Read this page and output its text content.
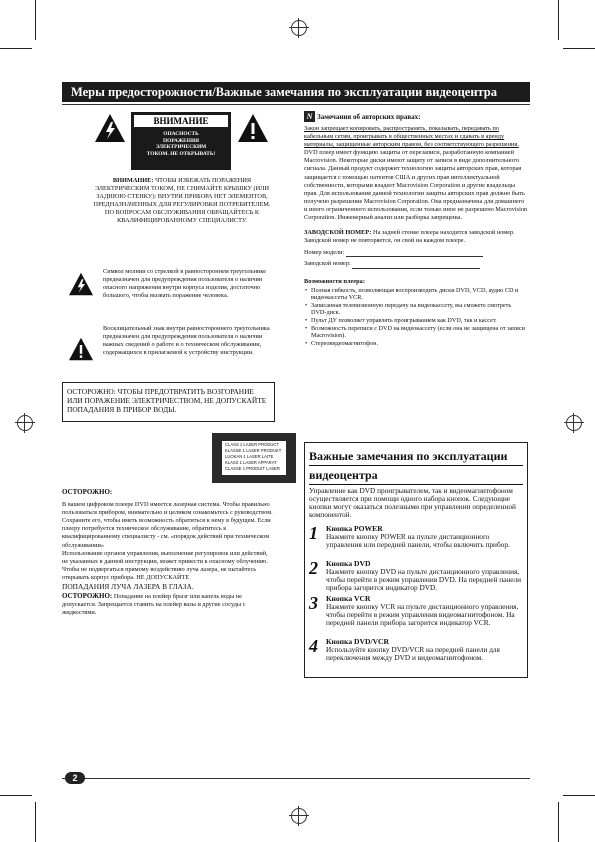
Меры предосторожности/Важные замечания по эксплуатации видеоцентра
ВНИМАНИЕ
ОПАСНОСТЬ ПОРАЖЕНИЯ ЭЛЕКТРИЧЕСКИМ ТОКОМ. НЕ ОТКРЫВАТЬ!

ВНИМАНИЕ: ЧТОБЫ ИЗБЕЖАТЬ ПОРАЖЕНИЯ ЭЛЕКТРИЧЕСКИМ ТОКОМ, НЕ СНИМАЙТЕ КРЫШКУ (ИЛИ ЗАДНЮЮ СТЕНКУ): ВНУТРИ ПРИБОРА НЕТ ЭЛЕМЕНТОВ, ПРЕДНАЗНАЧЕННЫХ ДЛЯ РЕГУЛИРОВКИ ПОТРЕБИТЕЛЕМ. ПО ВОПРОСАМ ОБСЛУЖИВАНИЯ ОБРАЩАЙТЕСЬ К КВАЛИФИЦИРОВАННОМУ СПЕЦИАЛИСТУ.

Символ молнии со стрелкой в равностороннем треугольнике предназначен для предупреждения пользователя о наличии опасного напряжения внутри корпуса изделия, достаточно большого, чтобы вызвать поражение человека.

Восклицательный знак внутри равностороннего треугольника предназначен для предупреждения пользователя о наличии важных сведений о работе и о техническом обслуживании, содержащихся в прилагаемой к устройству инструкции.

ОСТОРОЖНО: ЧТОБЫ ПРЕДОТВРАТИТЬ ВОЗГОРАНИЕ ИЛИ ПОРАЖЕНИЕ ЭЛЕКТРИЧЕСТВОМ, НЕ ДОПУСКАЙТЕ ПОПАДАНИЯ В ПРИБОР ВОДЫ.

CLASS 1 LASER PRODUCT

KLASSE 1 LASER PRODUKT

LUOKAN 1 LASER LAITE

KLASS 1 LASER APPARAT

CLASSE 1 PRODUIT LASER

ОСТОРОЖНО:

В вашем цифровом плеере DVD имеется лазерная система. Чтобы правильно пользоваться прибором, внимательно и целиком ознакомьтесь с руководством. Сохраните его, чтобы иметь возможность обратиться к нему в будущем. Если плееру потребуется техническое обслуживание, обратитесь к квалифицированному специалисту - см. «порядок действий при техническом обслуживании»

Использование органов управления, выполнение регулировок или действий, не указанных в данной инструкции, может привести к опасному облучению.

Чтобы не подвергаться прямому воздействию луча лазера, не пытайтесь открывать корпус прибора. НЕ ДОПУСКАЙТЕ

ПОПАДАНИЯ ЛУЧА ЛАЗЕРА В ГЛАЗА.

ОСТОРОЖНО: Попадание на плейер брызг или капель воды не допускается. Запрещается ставить на плейер вазы и другие сосуды с жидкостями.

N Замечания об авторских правах:

Закон запрещает копировать, распространять, показывать, передавать по кабельным сетям, проигрывать в общественных местах и сдавать в аренду материалы, защищенные авторским правом, без соответствующего разрешения.

DVD плеер имеет функцию защиты от перезаписи, разработанную компанией Macrovision. Некоторые диски имеют защиту от записи в виде дополнительного сигнала. Данный продукт содержит технологию защиты авторских прав, которая защищается с помощью патентов США и других прав интеллектуальной собственности, которыми владеет Macrovision Corporation и другие владельцы прав. Для использования данной технологии защиты авторских прав должно быть получено разрешение Macrovision Corporation. Она предназначена для домашнего и иного ограниченного использования, если только иное не разрешено Macrovision Corporation. Инженерный анализ или разборка запрещены.

ЗАВОДСКОЙ НОМЕР: На задней стенке плеера находится заводской номер. Заводской номер не повторяется, он свой на каждом плеере.

Номер модели:

Заводской номер:

Возможности плеера:

• Полная гибкость, позволяющая воспроизводить диски DVD, VCD, аудио CD и видеокассеты VCR.
• Записанная телевизионную передачу на видеокассету, вы сможете смотреть DVD-диск.
• Пульт ДУ позволяет управлять проигрыванием как DVD, так и кассет.
• Возможность переписи с DVD на видеокассету (если она не защищена от записи Macrovision).
• Стереовидеомагнитофон.
Важные замечания по эксплуатации
видеоцентра

Управление как DVD проигрывателем, так и видеомагнитофоном осуществляется при помощи одного набора кнопок. Следующие кнопки могут оказаться полезными при управлении определенной компонентой.

1 Кнопка POWER
Нажмите кнопку POWER на пульте дистанционного управления или передней панели, чтобы включить прибор.
2 Кнопка DVD
Нажмите кнопку DVD на пульте дистанционного управления, чтобы перейти в режим управления DVD. На передней панели прибора загорится индикатор DVD.
3 Кнопка VCR
Нажмите кнопку VCR на пульте дистанционного управления, чтобы перейти в режим управления видеомагнитофоном. На передней панели прибора загорится индикатор VCR.
4 Кнопка DVD/VCR
Используйте кнопку DVD/VCR на передней панели для переключения между DVD и видеомагнитофоном.
2
